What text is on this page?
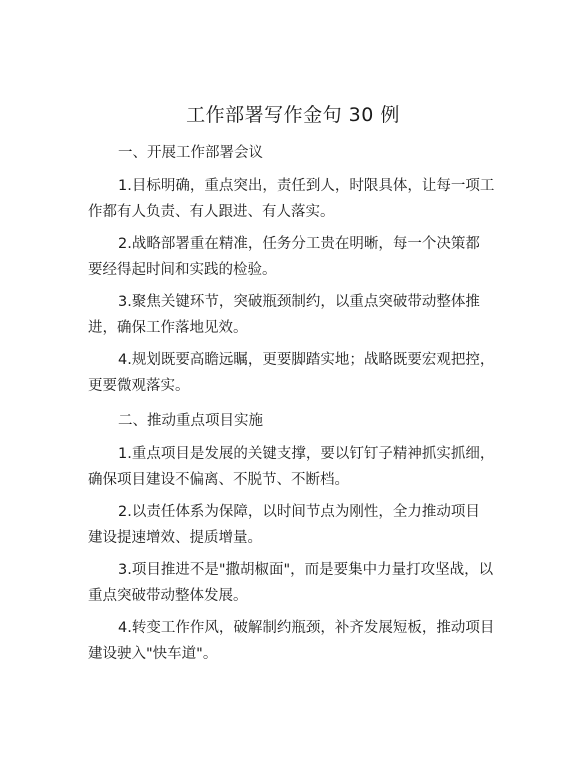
工作部署写作金句 30 例
一、开展工作部署会议
1.目标明确，重点突出，责任到人，时限具体，让每一项工
作都有人负责、有人跟进、有人落实。
2.战略部署重在精准，任务分工贵在明晰，每一个决策都
要经得起时间和实践的检验。
3.聚焦关键环节，突破瓶颈制约，以重点突破带动整体推
进，确保工作落地见效。
4.规划既要高瞻远瞩，更要脚踏实地；战略既要宏观把控，
更要微观落实。
二、推动重点项目实施
1.重点项目是发展的关键支撑，要以钉钉子精神抓实抓细，
确保项目建设不偏离、不脱节、不断档。
2.以责任体系为保障，以时间节点为刚性，全力推动项目
建设提速增效、提质增量。
3.项目推进不是"撒胡椒面"，而是要集中力量打攻坚战，以
重点突破带动整体发展。
4.转变工作作风，破解制约瓶颈，补齐发展短板，推动项目
建设驶入"快车道"。
